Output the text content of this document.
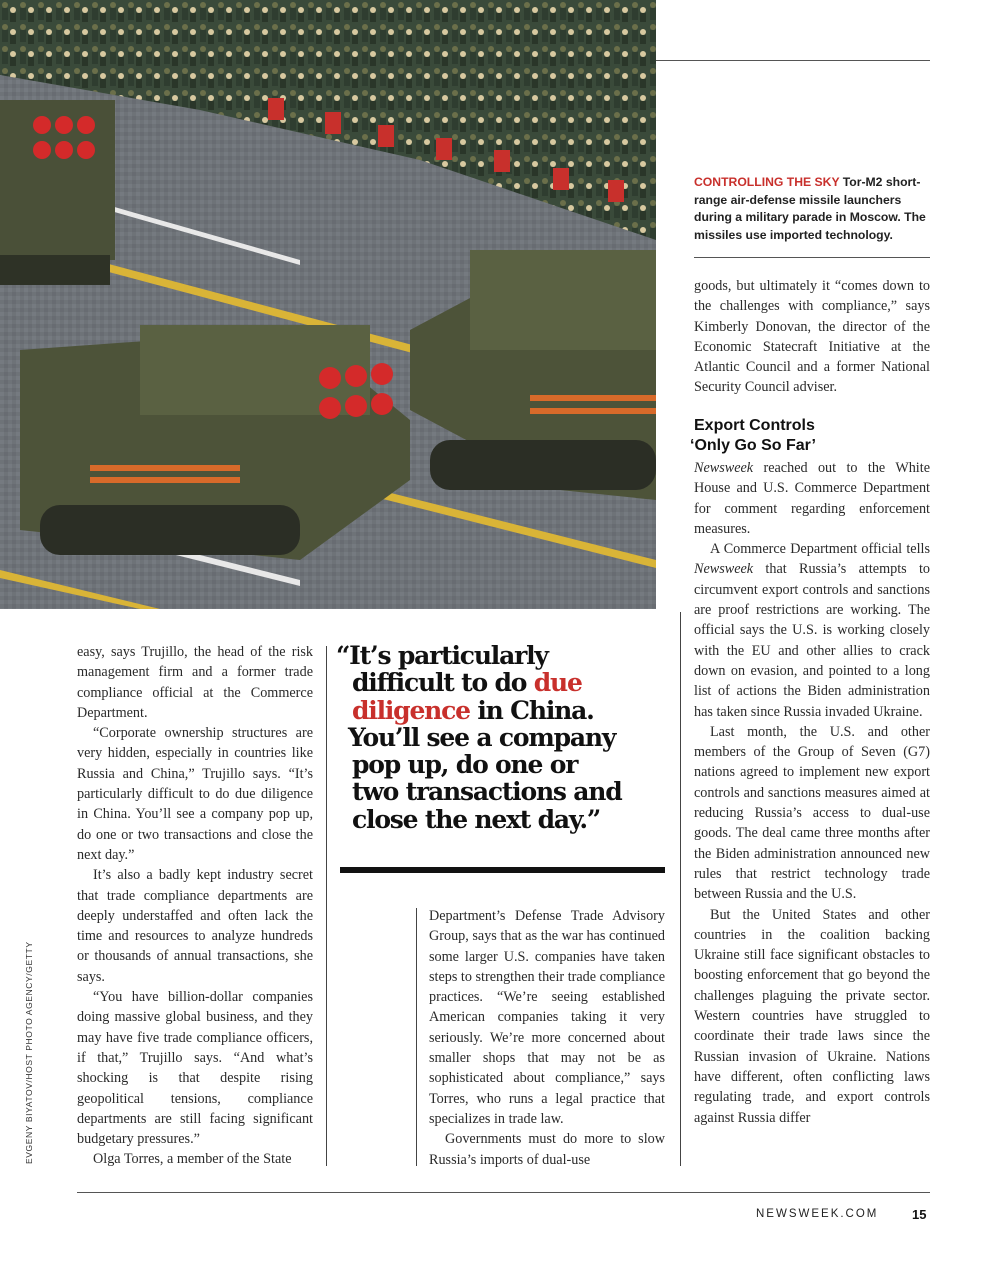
CONTROLLING THE SKY Tor-M2 short-range air-defense missile launchers during a military parade in Moscow. The missiles use imported technology.
EVGENY BIYATOV/HOST PHOTO AGENCY/GETTY

easy, says Trujillo, the head of the risk management firm and a former trade compliance official at the Commerce Department.

“Corporate ownership structures are very hidden, especially in countries like Russia and China,” Trujillo says. “It’s particularly difficult to do due diligence in China. You’ll see a company pop up, do one or two transactions and close the next day.”

It’s also a badly kept industry secret that trade compliance departments are deeply understaffed and often lack the time and resources to analyze hundreds or thousands of annual transactions, she says.

“You have billion-dollar companies doing massive global business, and they may have five trade compliance officers, if that,” Trujillo says. “And what’s shocking is that despite rising geopolitical tensions, compliance departments are still facing significant budgetary pressures.”

Olga Torres, a member of the State

“It’s particularly
difficult to do due
diligence in China.
You’ll see a company
pop up, do one or
two transactions and
close the next day.”

Department’s Defense Trade Advisory Group, says that as the war has continued some larger U.S. companies have taken steps to strengthen their trade compliance practices. “We’re seeing established American companies taking it very seriously. We’re more concerned about smaller shops that may not be as sophisticated about compliance,” says Torres, who runs a legal practice that specializes in trade law.

Governments must do more to slow Russia’s imports of dual-use

goods, but ultimately it “comes down to the challenges with compliance,” says Kimberly Donovan, the director of the Economic Statecraft Initiative at the Atlantic Council and a former National Security Council adviser.

Export Controls
‘Only Go So Far’

Newsweek reached out to the White House and U.S. Commerce Department for comment regarding enforcement measures.

A Commerce Department official tells Newsweek that Russia’s attempts to circumvent export controls and sanctions are proof restrictions are working. The official says the U.S. is working closely with the EU and other allies to crack down on evasion, and pointed to a long list of actions the Biden administration has taken since Russia invaded Ukraine.

Last month, the U.S. and other members of the Group of Seven (G7) nations agreed to implement new export controls and sanctions measures aimed at reducing Russia’s access to dual-use goods. The deal came three months after the Biden administration announced new rules that restrict technology trade between Russia and the U.S.

But the United States and other countries in the coalition backing Ukraine still face significant obstacles to boosting enforcement that go beyond the challenges plaguing the private sector. Western countries have struggled to coordinate their trade laws since the Russian invasion of Ukraine. Nations have different, often conflicting laws regulating trade, and export controls against Russia differ

NEWSWEEK.COM	15
